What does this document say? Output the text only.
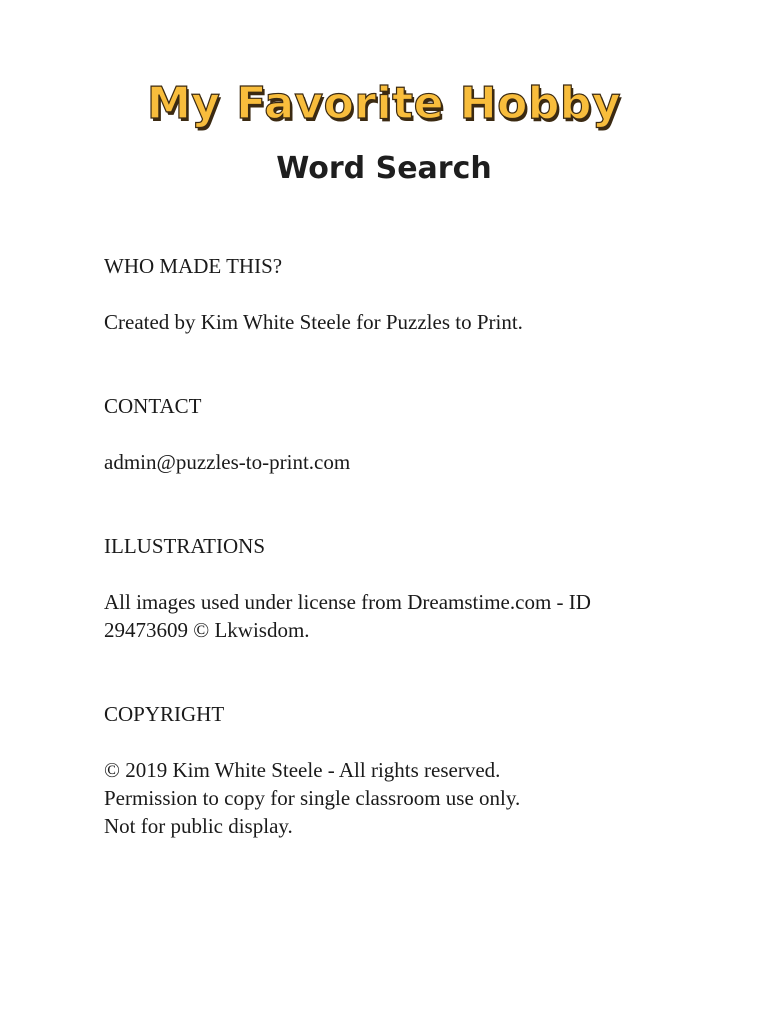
My Favorite Hobby
Word Search

WHO MADE THIS?

Created by Kim White Steele for Puzzles to Print.

CONTACT

admin@puzzles-to-print.com

ILLUSTRATIONS

All images used under license from Dreamstime.com - ID
29473609 © Lkwisdom.

COPYRIGHT

© 2019 Kim White Steele - All rights reserved.
Permission to copy for single classroom use only.
Not for public display.
